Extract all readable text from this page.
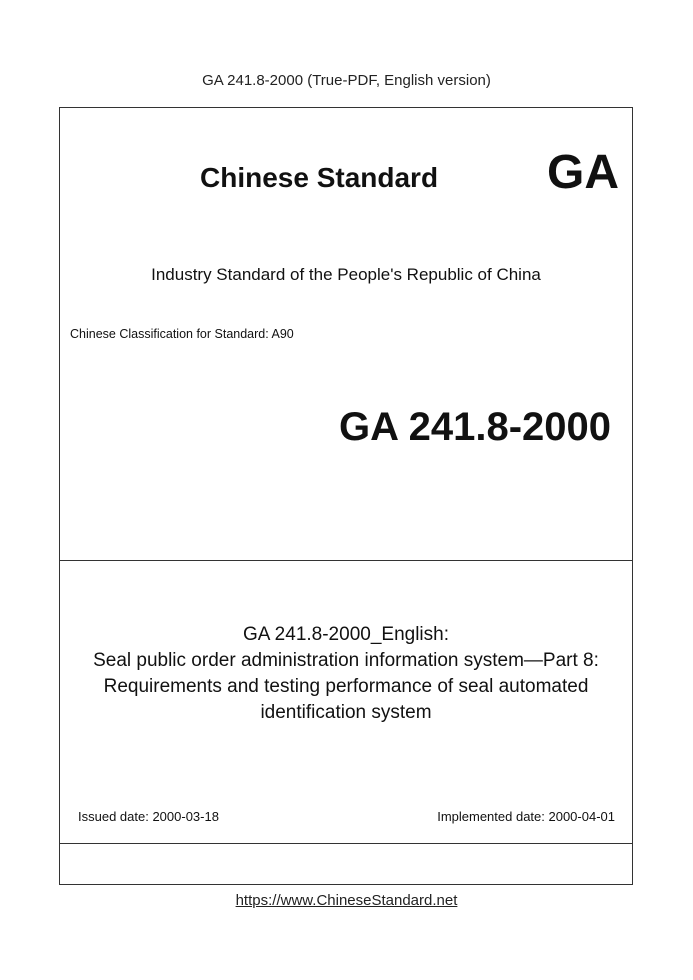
GA 241.8-2000 (True-PDF, English version)
Chinese Standard GA
Industry Standard of the People's Republic of China
Chinese Classification for Standard: A90
GA 241.8-2000
GA 241.8-2000_English:
Seal public order administration information system—Part 8:
Requirements and testing performance of seal automated
identification system
Issued date: 2000-03-18	Implemented date: 2000-04-01
https://www.ChineseStandard.net
